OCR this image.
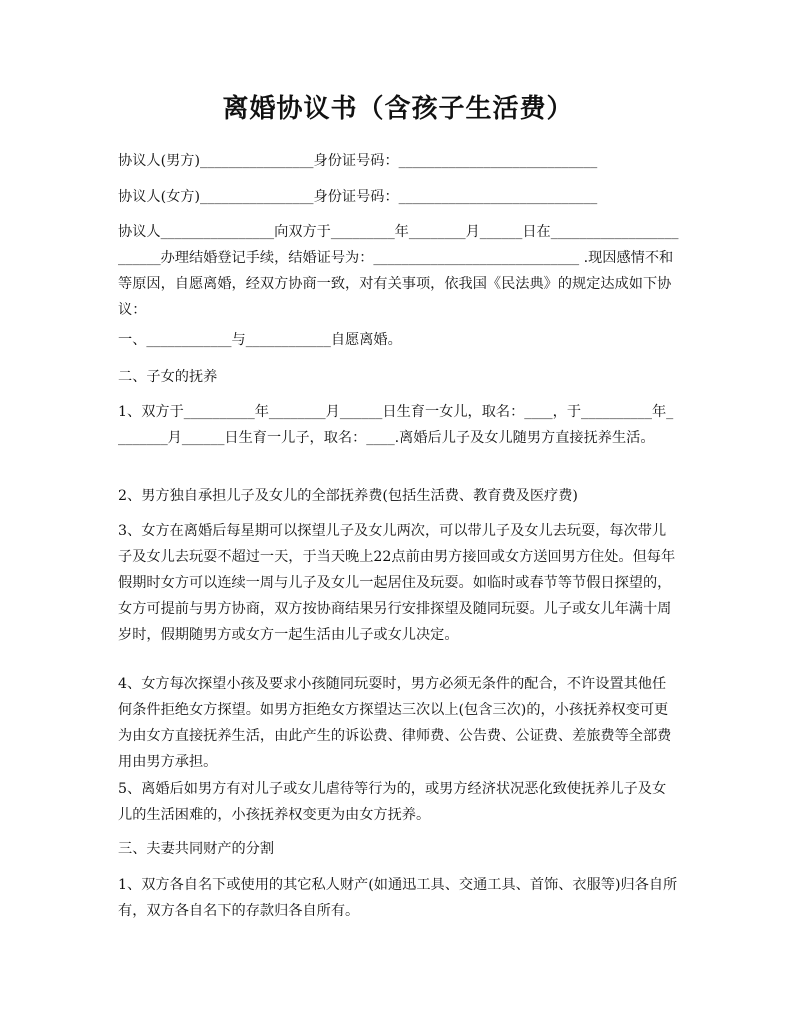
离婚协议书（含孩子生活费）

协议人(男方)________________身份证号码：____________________________

协议人(女方)________________身份证号码：____________________________

协议人________________向双方于_________年________月______日在________________________办理结婚登记手续，结婚证号为：_____________________________ .现因感情不和等原因，自愿离婚，经双方协商一致，对有关事项，依我国《民法典》的规定达成如下协议：

一、____________与____________自愿离婚。

二、子女的抚养

1、双方于__________年________月______日生育一女儿，取名：____，于__________年________月______日生育一儿子，取名：____.离婚后儿子及女儿随男方直接抚养生活。

2、男方独自承担儿子及女儿的全部抚养费(包括生活费、教育费及医疗费)

3、女方在离婚后每星期可以探望儿子及女儿两次，可以带儿子及女儿去玩耍，每次带儿子及女儿去玩耍不超过一天，于当天晚上22点前由男方接回或女方送回男方住处。但每年假期时女方可以连续一周与儿子及女儿一起居住及玩耍。如临时或春节等节假日探望的，女方可提前与男方协商，双方按协商结果另行安排探望及随同玩耍。儿子或女儿年满十周岁时，假期随男方或女方一起生活由儿子或女儿决定。

4、女方每次探望小孩及要求小孩随同玩耍时，男方必须无条件的配合，不许设置其他任何条件拒绝女方探望。如男方拒绝女方探望达三次以上(包含三次)的，小孩抚养权变可更为由女方直接抚养生活，由此产生的诉讼费、律师费、公告费、公证费、差旅费等全部费用由男方承担。

5、离婚后如男方有对儿子或女儿虐待等行为的，或男方经济状况恶化致使抚养儿子及女儿的生活困难的，小孩抚养权变更为由女方抚养。

三、夫妻共同财产的分割

1、双方各自名下或使用的其它私人财产(如通迅工具、交通工具、首饰、衣服等)归各自所有，双方各自名下的存款归各自所有。
